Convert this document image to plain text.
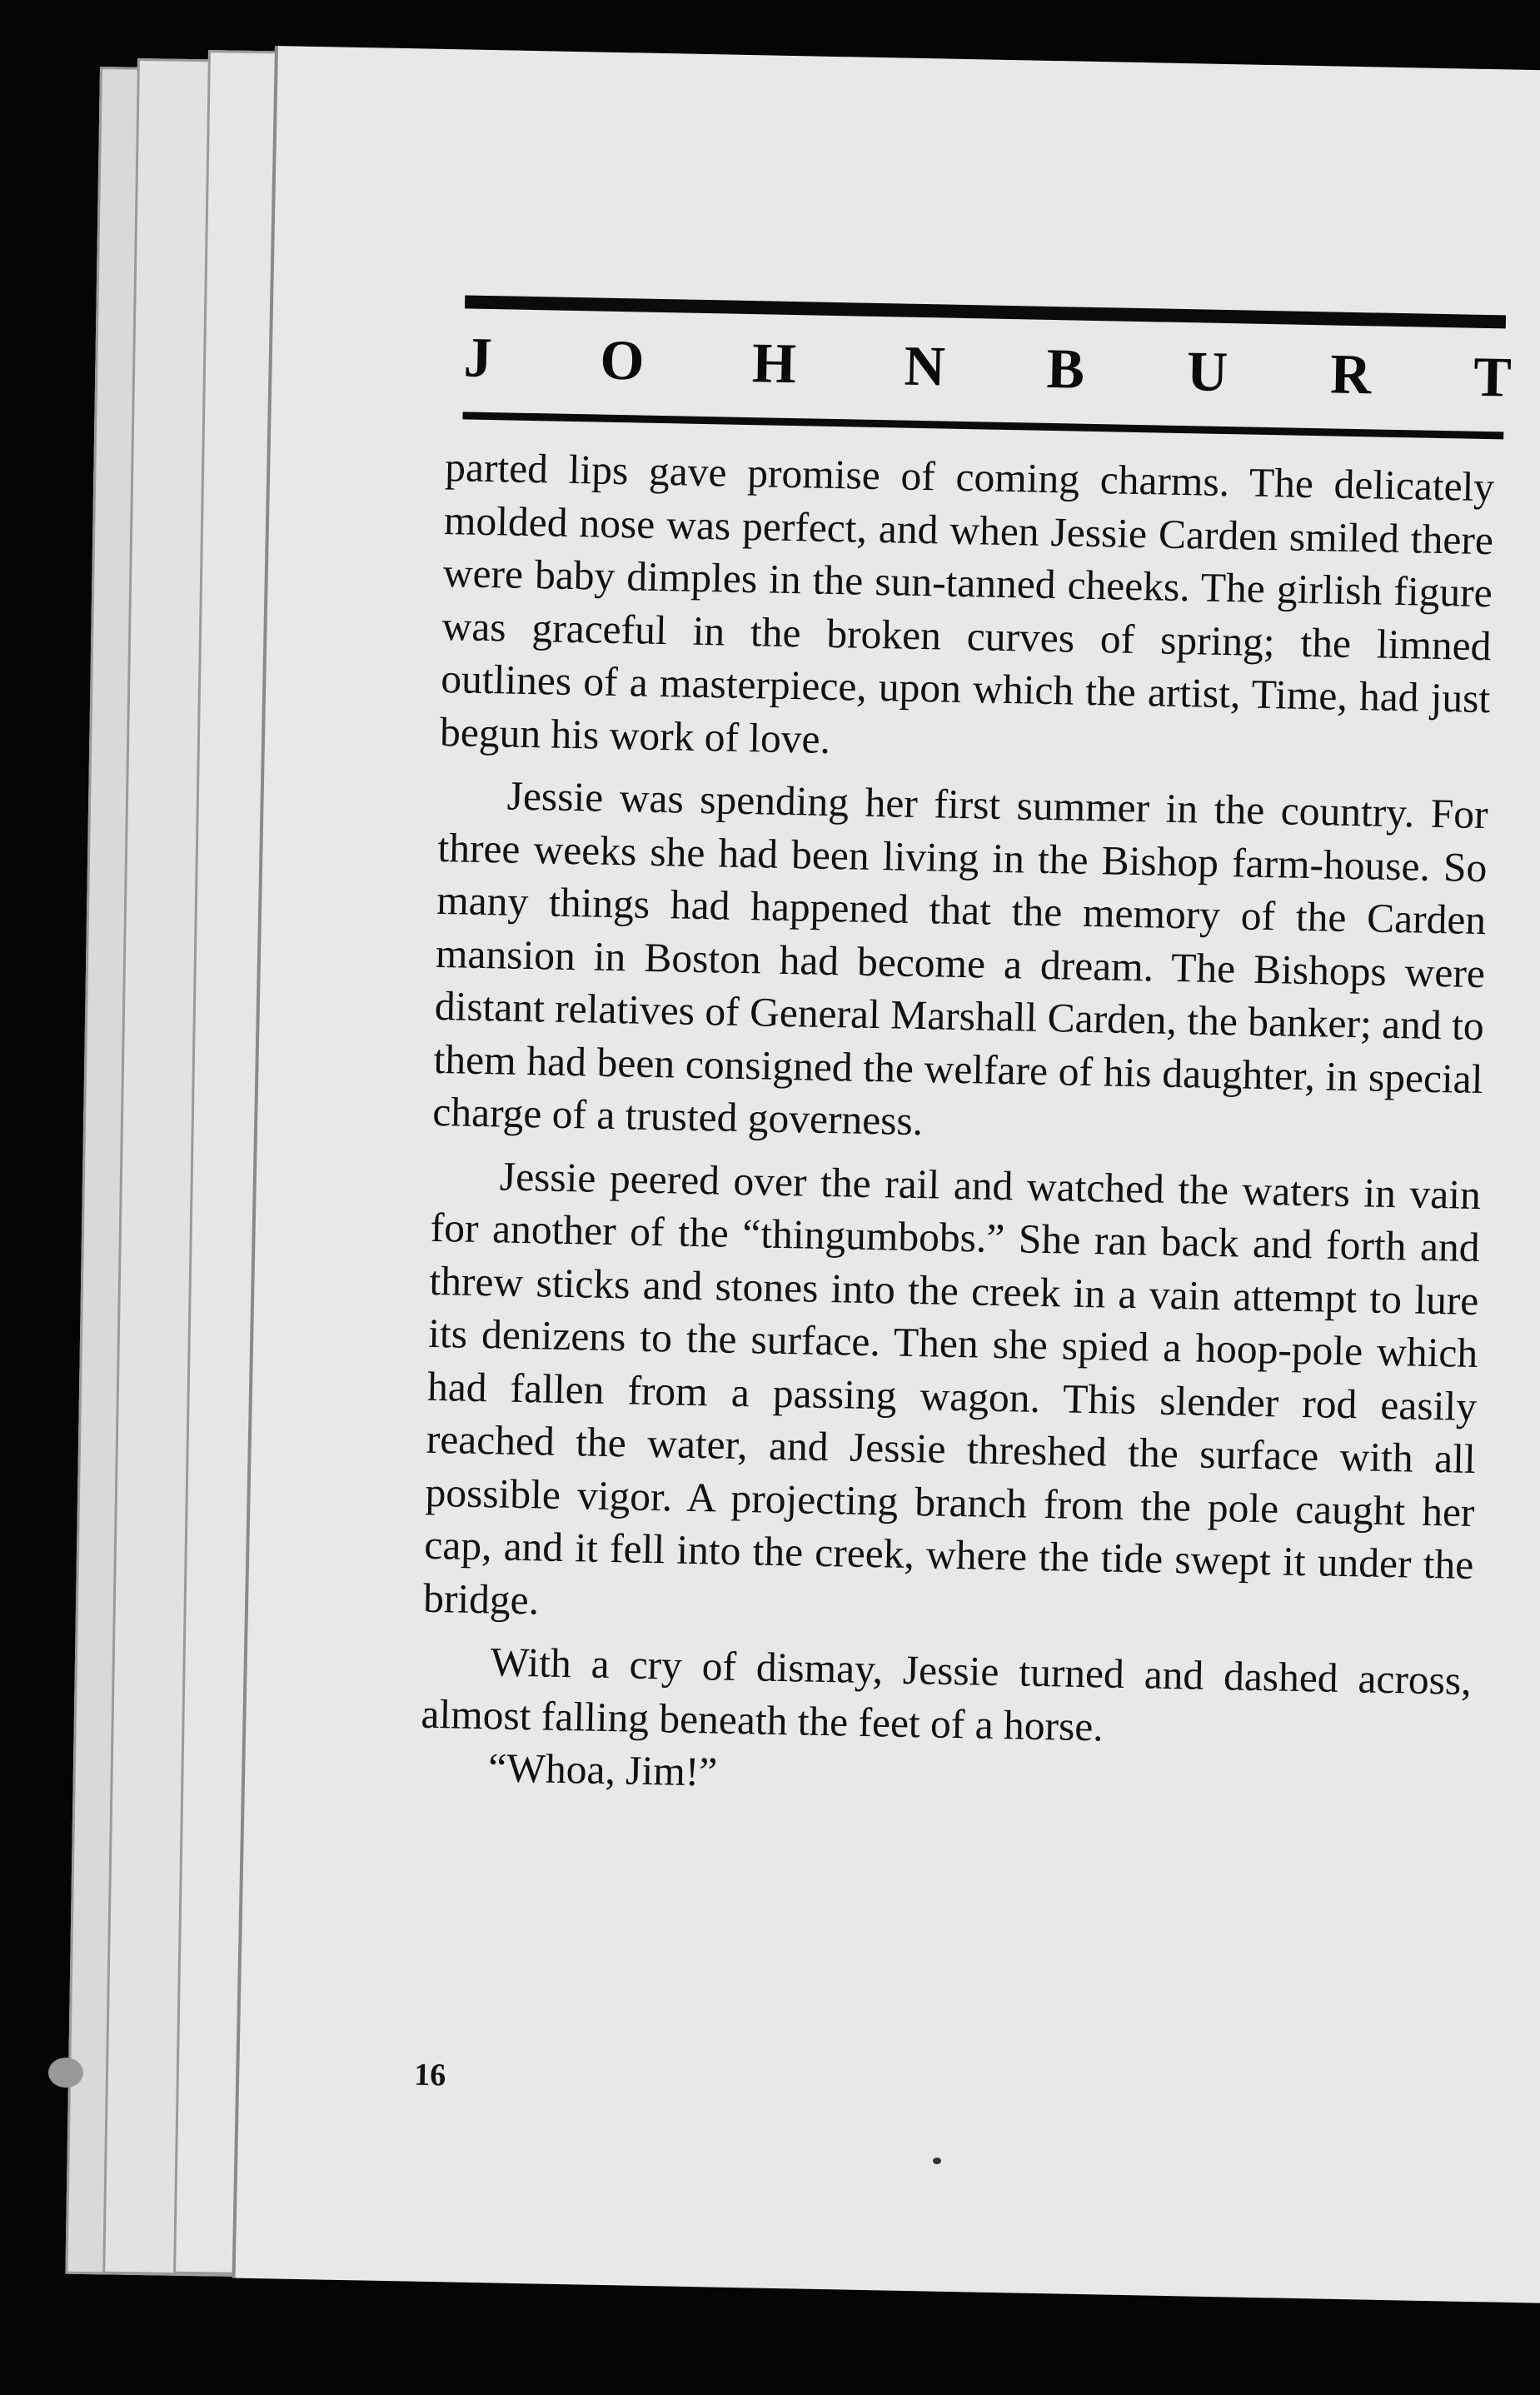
J O H N B U R T

parted lips gave promise of coming charms. The delicately molded nose was perfect, and when Jessie Carden smiled there were baby dimples in the sun-tanned cheeks. The girlish figure was graceful in the broken curves of spring; the limned outlines of a masterpiece, upon which the artist, Time, had just begun his work of love.

Jessie was spending her first summer in the country. For three weeks she had been living in the Bishop farm-house. So many things had happened that the memory of the Carden mansion in Boston had become a dream. The Bishops were distant relatives of General Marshall Carden, the banker; and to them had been consigned the welfare of his daughter, in special charge of a trusted governess.

Jessie peered over the rail and watched the waters in vain for another of the “thingumbobs.” She ran back and forth and threw sticks and stones into the creek in a vain attempt to lure its denizens to the surface. Then she spied a hoop-pole which had fallen from a passing wagon. This slender rod easily reached the water, and Jessie threshed the surface with all possible vigor. A projecting branch from the pole caught her cap, and it fell into the creek, where the tide swept it under the bridge.

With a cry of dismay, Jessie turned and dashed across, almost falling beneath the feet of a horse.

“Whoa, Jim!”

16
